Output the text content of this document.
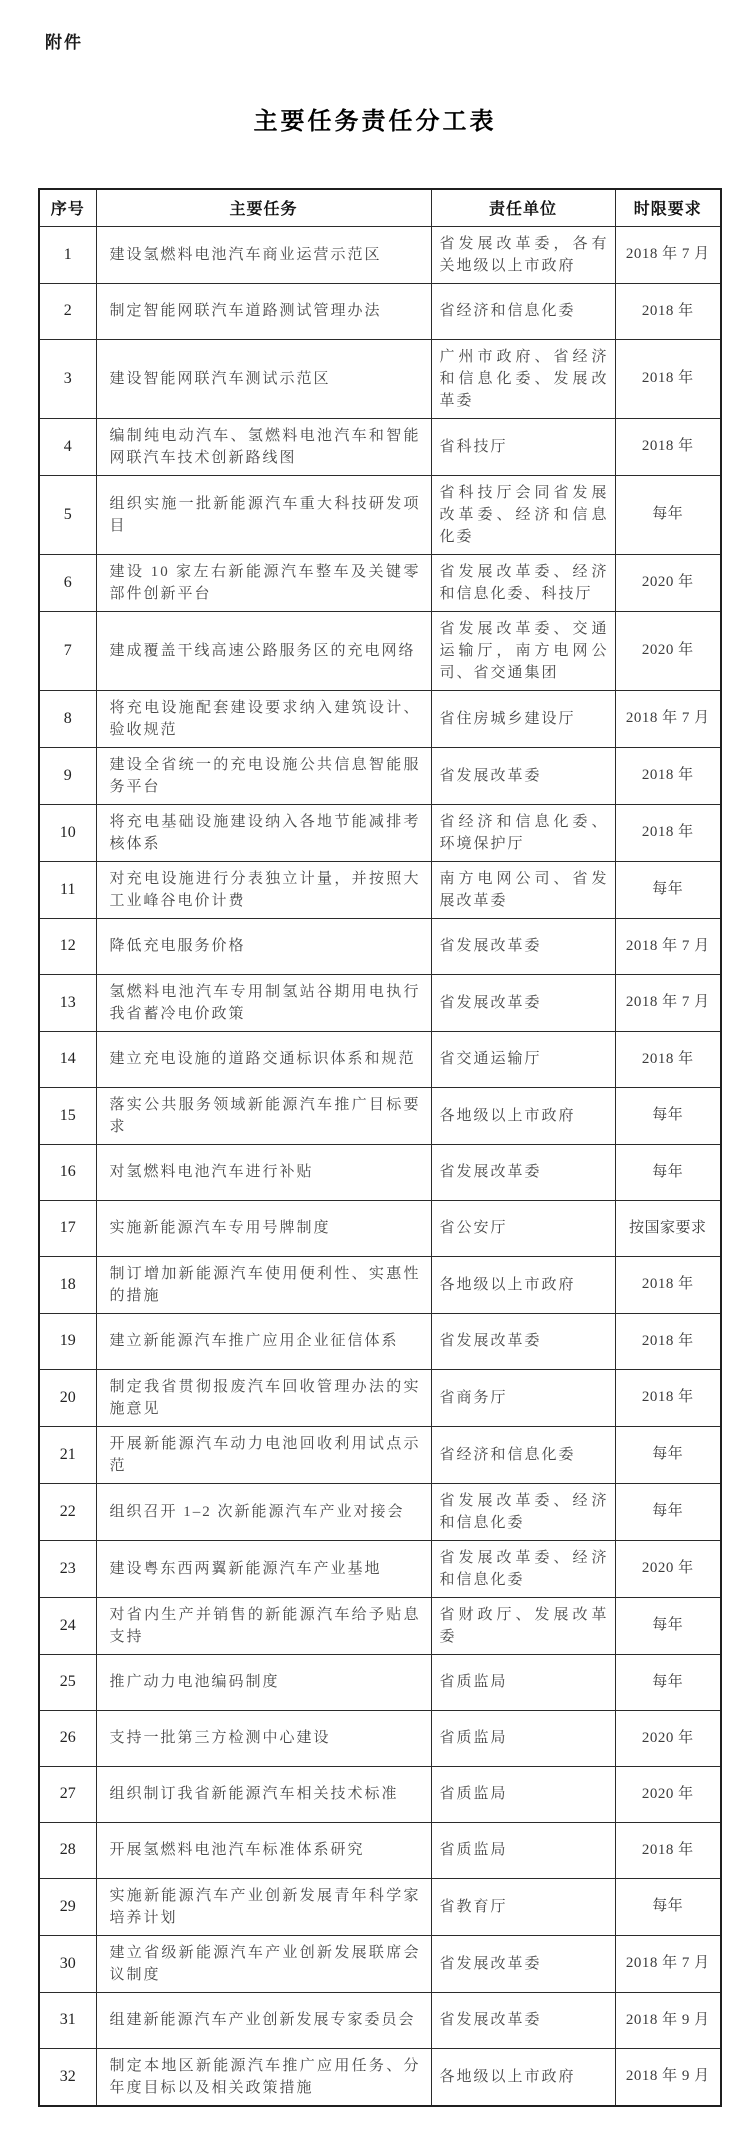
附件
主要任务责任分工表
序号	主要任务	责任单位	时限要求
1	建设氢燃料电池汽车商业运营示范区	省发展改革委，各有关地级以上市政府	2018 年 7 月
2	制定智能网联汽车道路测试管理办法	省经济和信息化委	2018 年
3	建设智能网联汽车测试示范区	广州市政府、省经济和信息化委、发展改革委	2018 年
4	编制纯电动汽车、氢燃料电池汽车和智能网联汽车技术创新路线图	省科技厅	2018 年
5	组织实施一批新能源汽车重大科技研发项目	省科技厅会同省发展改革委、经济和信息化委	每年
6	建设 10 家左右新能源汽车整车及关键零部件创新平台	省发展改革委、经济和信息化委、科技厅	2020 年
7	建成覆盖干线高速公路服务区的充电网络	省发展改革委、交通运输厅，南方电网公司、省交通集团	2020 年
8	将充电设施配套建设要求纳入建筑设计、验收规范	省住房城乡建设厅	2018 年 7 月
9	建设全省统一的充电设施公共信息智能服务平台	省发展改革委	2018 年
10	将充电基础设施建设纳入各地节能减排考核体系	省经济和信息化委、环境保护厅	2018 年
11	对充电设施进行分表独立计量，并按照大工业峰谷电价计费	南方电网公司、省发展改革委	每年
12	降低充电服务价格	省发展改革委	2018 年 7 月
13	氢燃料电池汽车专用制氢站谷期用电执行我省蓄冷电价政策	省发展改革委	2018 年 7 月
14	建立充电设施的道路交通标识体系和规范	省交通运输厅	2018 年
15	落实公共服务领域新能源汽车推广目标要求	各地级以上市政府	每年
16	对氢燃料电池汽车进行补贴	省发展改革委	每年
17	实施新能源汽车专用号牌制度	省公安厅	按国家要求
18	制订增加新能源汽车使用便利性、实惠性的措施	各地级以上市政府	2018 年
19	建立新能源汽车推广应用企业征信体系	省发展改革委	2018 年
20	制定我省贯彻报废汽车回收管理办法的实施意见	省商务厅	2018 年
21	开展新能源汽车动力电池回收利用试点示范	省经济和信息化委	每年
22	组织召开 1–2 次新能源汽车产业对接会	省发展改革委、经济和信息化委	每年
23	建设粤东西两翼新能源汽车产业基地	省发展改革委、经济和信息化委	2020 年
24	对省内生产并销售的新能源汽车给予贴息支持	省财政厅、发展改革委	每年
25	推广动力电池编码制度	省质监局	每年
26	支持一批第三方检测中心建设	省质监局	2020 年
27	组织制订我省新能源汽车相关技术标准	省质监局	2020 年
28	开展氢燃料电池汽车标准体系研究	省质监局	2018 年
29	实施新能源汽车产业创新发展青年科学家培养计划	省教育厅	每年
30	建立省级新能源汽车产业创新发展联席会议制度	省发展改革委	2018 年 7 月
31	组建新能源汽车产业创新发展专家委员会	省发展改革委	2018 年 9 月
32	制定本地区新能源汽车推广应用任务、分年度目标以及相关政策措施	各地级以上市政府	2018 年 9 月
